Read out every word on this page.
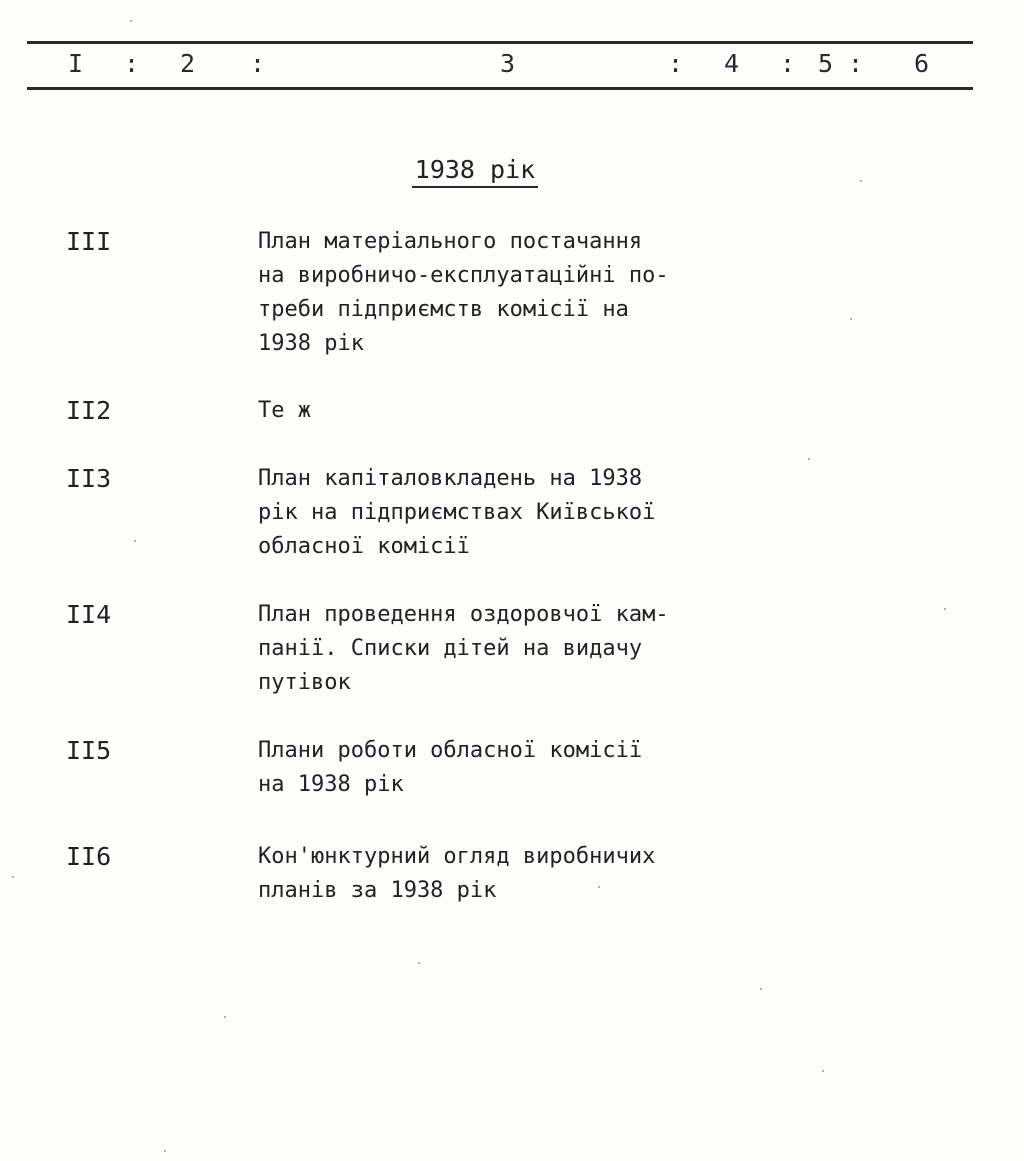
I : 2 :	3	: 4 : 5 : 6
1938 рік
III	План матеріального постачання
на виробничо-експлуатаційні по-
треби підприємств комісії на
1938 рік
II2	Те ж
II3	План капіталовкладень на 1938
рік на підприємствах Київської
обласної комісії
II4	План проведення оздоровчої кам-
панії. Списки дітей на видачу
путівок
II5	Плани роботи обласної комісії
на 1938 рік
II6	Кон'юнктурний огляд виробничих
планів за 1938 рік
